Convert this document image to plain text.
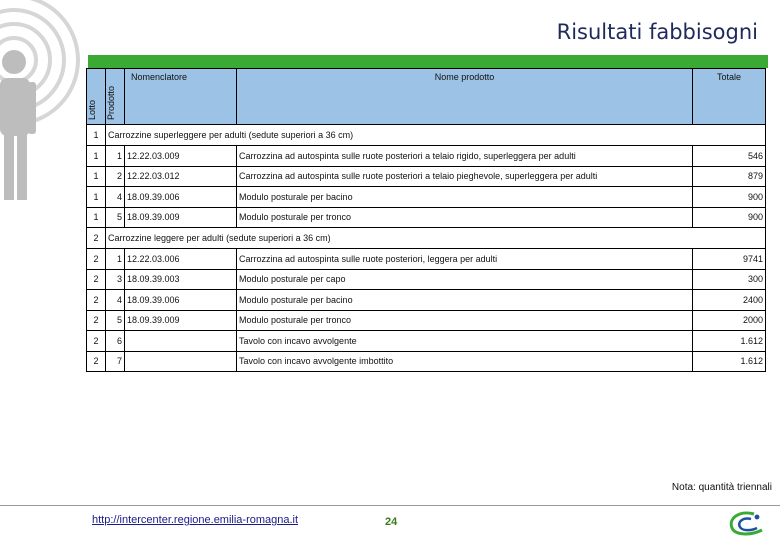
Risultati fabbisogni
Lotto	Prodotto	Nomenclatore	Nome prodotto	Totale
1	Carrozzine superleggere per adulti (sedute superiori a 36 cm)			
1	1	12.22.03.009	Carrozzina ad autospinta sulle ruote posteriori a telaio rigido, superleggera per adulti	546
1	2	12.22.03.012	Carrozzina ad autospinta sulle ruote posteriori a telaio pieghevole, superleggera per adulti	879
1	4	18.09.39.006	Modulo posturale per bacino	900
1	5	18.09.39.009	Modulo posturale per tronco	900
2	Carrozzine leggere per adulti (sedute superiori a 36 cm)			
2	1	12.22.03.006	Carrozzina ad autospinta sulle ruote posteriori, leggera per adulti	9741
2	3	18.09.39.003	Modulo posturale per capo	300
2	4	18.09.39.006	Modulo posturale per bacino	2400
2	5	18.09.39.009	Modulo posturale per tronco	2000
2	6		Tavolo con incavo avvolgente	1.612
2	7		Tavolo con incavo avvolgente imbottito	1.612
Nota: quantità triennali
http://intercenter.regione.emilia-romagna.it	24
